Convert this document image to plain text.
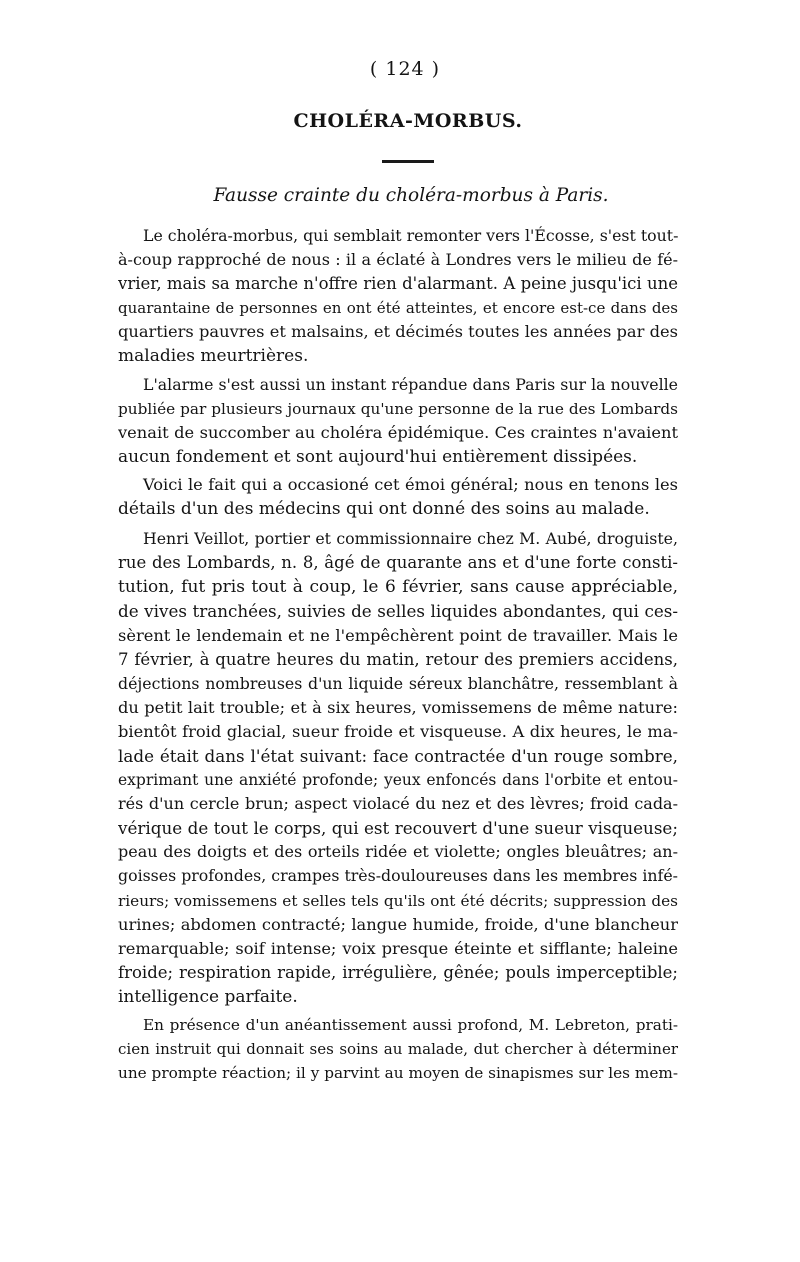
( 124 )
CHOLÉRA-MORBUS.
Fausse crainte du choléra-morbus à Paris.
Le choléra-morbus, qui semblait remonter vers l'Écosse, s'est tout-
à-coup rapproché de nous : il a éclaté à Londres vers le milieu de fé-
vrier, mais sa marche n'offre rien d'alarmant. A peine jusqu'ici une
quarantaine de personnes en ont été atteintes, et encore est-ce dans des
quartiers pauvres et malsains, et décimés toutes les années par des
maladies meurtrières.
L'alarme s'est aussi un instant répandue dans Paris sur la nouvelle
publiée par plusieurs journaux qu'une personne de la rue des Lombards
venait de succomber au choléra épidémique. Ces craintes n'avaient
aucun fondement et sont aujourd'hui entièrement dissipées.
Voici le fait qui a occasioné cet émoi général; nous en tenons les
détails d'un des médecins qui ont donné des soins au malade.
Henri Veillot, portier et commissionnaire chez M. Aubé, droguiste,
rue des Lombards, n. 8, âgé de quarante ans et d'une forte consti-
tution, fut pris tout à coup, le 6 février, sans cause appréciable,
de vives tranchées, suivies de selles liquides abondantes, qui ces-
sèrent le lendemain et ne l'empêchèrent point de travailler. Mais le
7 février, à quatre heures du matin, retour des premiers accidens,
déjections nombreuses d'un liquide séreux blanchâtre, ressemblant à
du petit lait trouble; et à six heures, vomissemens de même nature:
bientôt froid glacial, sueur froide et visqueuse. A dix heures, le ma-
lade était dans l'état suivant: face contractée d'un rouge sombre,
exprimant une anxiété profonde; yeux enfoncés dans l'orbite et entou-
rés d'un cercle brun; aspect violacé du nez et des lèvres; froid cada-
vérique de tout le corps, qui est recouvert d'une sueur visqueuse;
peau des doigts et des orteils ridée et violette; ongles bleuâtres; an-
goisses profondes, crampes très-douloureuses dans les membres infé-
rieurs; vomissemens et selles tels qu'ils ont été décrits; suppression des
urines; abdomen contracté; langue humide, froide, d'une blancheur
remarquable; soif intense; voix presque éteinte et sifflante; haleine
froide; respiration rapide, irrégulière, gênée; pouls imperceptible;
intelligence parfaite.
En présence d'un anéantissement aussi profond, M. Lebreton, prati-
cien instruit qui donnait ses soins au malade, dut chercher à déterminer
une prompte réaction; il y parvint au moyen de sinapismes sur les mem-
